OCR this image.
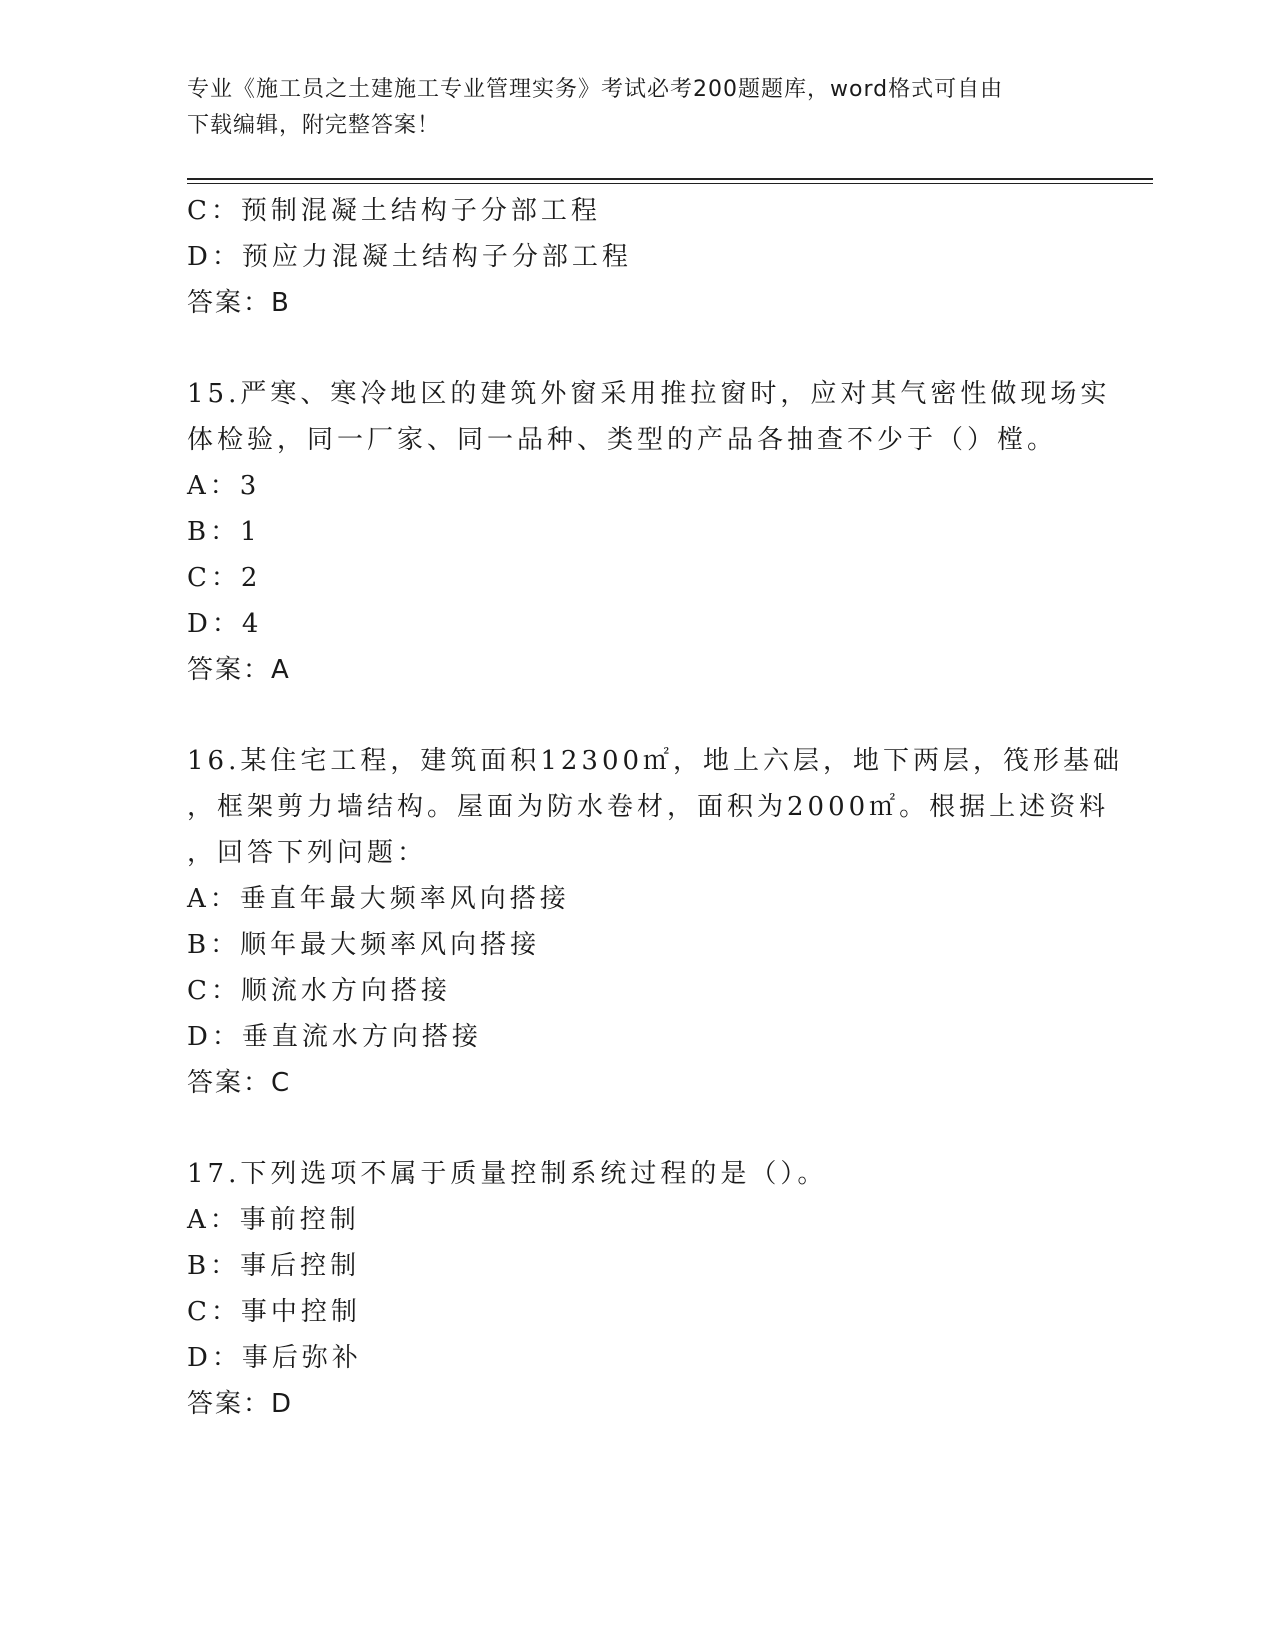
专业《施工员之土建施工专业管理实务》考试必考200题题库，word格式可自由
下载编辑，附完整答案！
C：预制混凝土结构子分部工程
D：预应力混凝土结构子分部工程
答案：B
15.严寒、寒冷地区的建筑外窗采用推拉窗时，应对其气密性做现场实
体检验，同一厂家、同一品种、类型的产品各抽查不少于（）樘。
A：3
B：1
C：2
D：4
答案：A
16.某住宅工程，建筑面积12300㎡，地上六层，地下两层，筏形基础
，框架剪力墙结构。屋面为防水卷材，面积为2000㎡。根据上述资料
，回答下列问题：
A：垂直年最大频率风向搭接
B：顺年最大频率风向搭接
C：顺流水方向搭接
D：垂直流水方向搭接
答案：C
17.下列选项不属于质量控制系统过程的是（）。
A：事前控制
B：事后控制
C：事中控制
D：事后弥补
答案：D
